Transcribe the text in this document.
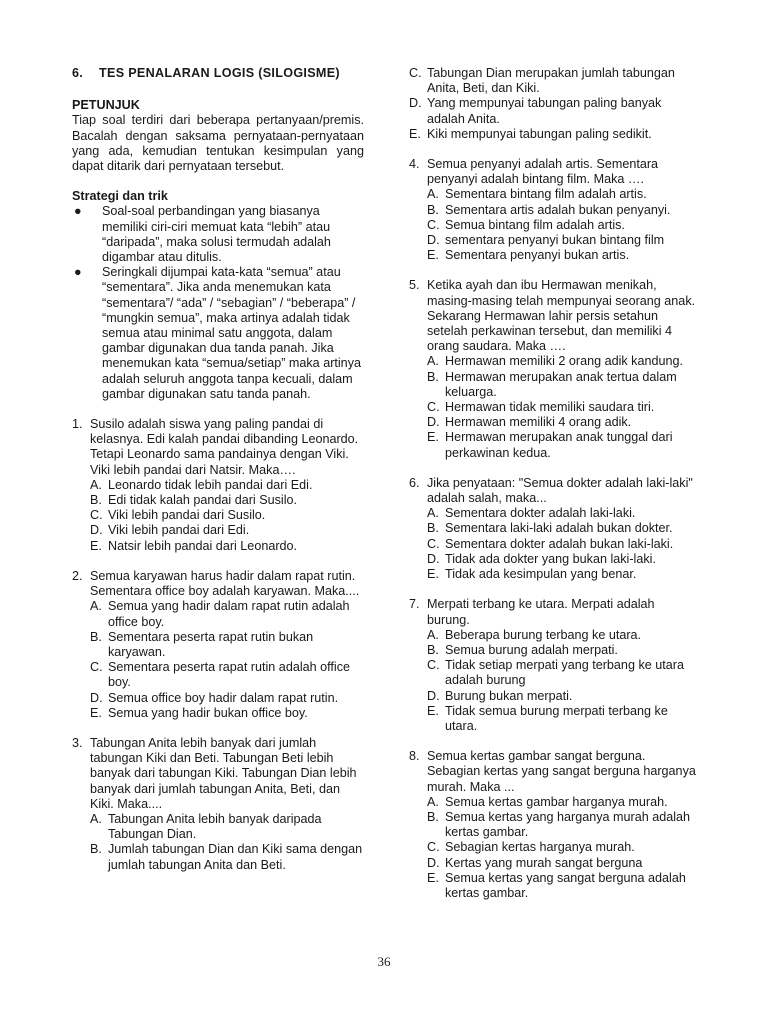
6. TES PENALARAN LOGIS (SILOGISME)
PETUNJUK

Tiap soal terdiri dari beberapa pertanyaan/premis. Bacalah dengan saksama pernyataan-pernyataan yang ada, kemudian tentukan kesimpulan yang dapat ditarik dari pernyataan tersebut.

Strategi dan trik
● Soal-soal perbandingan yang biasanya memiliki ciri-ciri memuat kata “lebih” atau “daripada”, maka solusi termudah adalah digambar atau ditulis.
● Seringkali dijumpai kata-kata “semua” atau “sementara”. Jika anda menemukan kata “sementara”/ “ada” / “sebagian” / “beberapa” / “mungkin semua”, maka artinya adalah tidak semua atau minimal satu anggota, dalam gambar digunakan dua tanda panah. Jika menemukan kata “semua/setiap” maka artinya adalah seluruh anggota tanpa kecuali, dalam gambar digunakan satu tanda panah.
1. Susilo adalah siswa yang paling pandai di kelasnya. Edi kalah pandai dibanding Leonardo. Tetapi Leonardo sama pandainya dengan Viki. Viki lebih pandai dari Natsir. Maka….
A. Leonardo tidak lebih pandai dari Edi.
B. Edi tidak kalah pandai dari Susilo.
C. Viki lebih pandai dari Susilo.
D. Viki lebih pandai dari Edi.
E. Natsir lebih pandai dari Leonardo.
2. Semua karyawan harus hadir dalam rapat rutin. Sementara office boy adalah karyawan. Maka....
A. Semua yang hadir dalam rapat rutin adalah office boy.
B. Sementara peserta rapat rutin bukan karyawan.
C. Sementara peserta rapat rutin adalah office boy.
D. Semua office boy hadir dalam rapat rutin.
E. Semua yang hadir bukan office boy.
3. Tabungan Anita lebih banyak dari jumlah tabungan Kiki dan Beti. Tabungan Beti lebih banyak dari tabungan Kiki. Tabungan Dian lebih banyak dari jumlah tabungan Anita, Beti, dan Kiki. Maka....
A. Tabungan Anita lebih banyak daripada Tabungan Dian.
B. Jumlah tabungan Dian dan Kiki sama dengan jumlah tabungan Anita dan Beti.
C. Tabungan Dian merupakan jumlah tabungan Anita, Beti, dan Kiki.
D. Yang mempunyai tabungan paling banyak adalah Anita.
E. Kiki mempunyai tabungan paling sedikit.
4. Semua penyanyi adalah artis. Sementara penyanyi adalah bintang film. Maka ….
A. Sementara bintang film adalah artis.
B. Sementara artis adalah bukan penyanyi.
C. Semua bintang film adalah artis.
D. sementara penyanyi bukan bintang film
E. Sementara penyanyi bukan artis.
5. Ketika ayah dan ibu Hermawan menikah, masing-masing telah mempunyai seorang anak. Sekarang Hermawan lahir persis setahun setelah perkawinan tersebut, dan memiliki 4 orang saudara. Maka ….
A. Hermawan memiliki 2 orang adik kandung.
B. Hermawan merupakan anak tertua dalam keluarga.
C. Hermawan tidak memiliki saudara tiri.
D. Hermawan memiliki 4 orang adik.
E. Hermawan merupakan anak tunggal dari perkawinan kedua.
6. Jika penyataan: "Semua dokter adalah laki-laki" adalah salah, maka...
A. Sementara dokter adalah laki-laki.
B. Sementara laki-laki adalah bukan dokter.
C. Sementara dokter adalah bukan laki-laki.
D. Tidak ada dokter yang bukan laki-laki.
E. Tidak ada kesimpulan yang benar.
7. Merpati terbang ke utara. Merpati adalah burung.
A. Beberapa burung terbang ke utara.
B. Semua burung adalah merpati.
C. Tidak setiap merpati yang terbang ke utara adalah burung
D. Burung bukan merpati.
E. Tidak semua burung merpati terbang ke utara.
8. Semua kertas gambar sangat berguna. Sebagian kertas yang sangat berguna harganya murah. Maka ...
A. Semua kertas gambar harganya murah.
B. Semua kertas yang harganya murah adalah kertas gambar.
C. Sebagian kertas harganya murah.
D. Kertas yang murah sangat berguna
E. Semua kertas yang sangat berguna adalah kertas gambar.
36
